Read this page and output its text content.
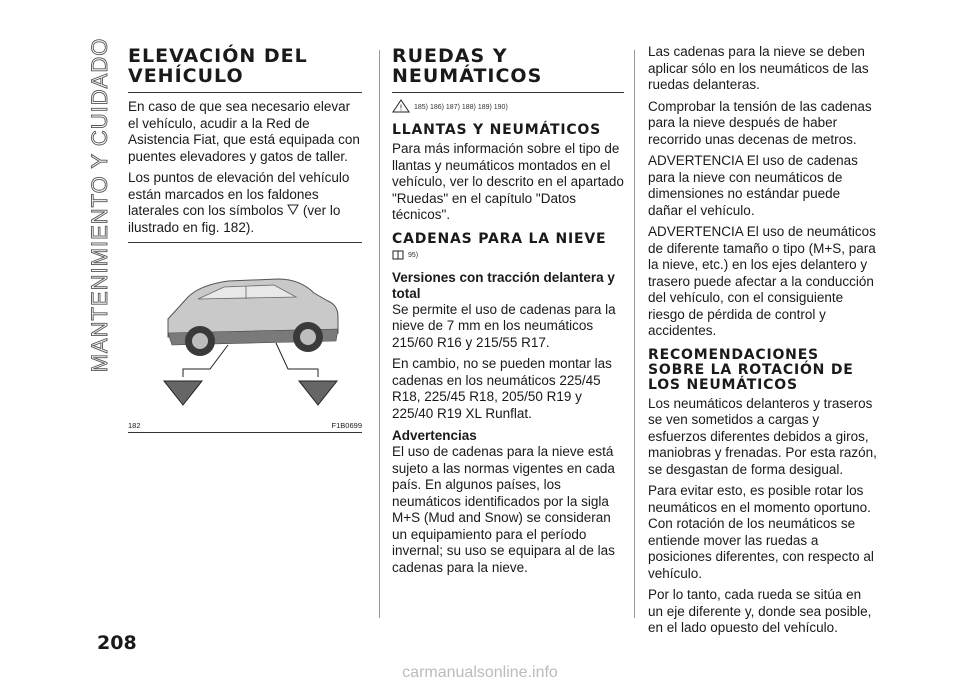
MANTENIMIENTO Y CUIDADO ELEVACIÓN DEL VEHÍCULO

En caso de que sea necesario elevar el vehículo, acudir a la Red de Asistencia Fiat, que está equipada con puentes elevadores y gatos de taller.

Los puntos de elevación del vehículo están marcados en los faldones laterales con los símbolos (ver lo ilustrado en fig. 182).

182	F1B0699
RUEDAS Y NEUMÁTICOS
! 185) 186) 187) 188) 189) 190)
LLANTAS Y NEUMÁTICOS

Para más información sobre el tipo de llantas y neumáticos montados en el vehículo, ver lo descrito en el apartado "Ruedas" en el capítulo "Datos técnicos".

CADENAS PARA LA NIEVE
95)
Versiones con tracción delantera y total

Se permite el uso de cadenas para la nieve de 7 mm en los neumáticos 215/60 R16 y 215/55 R17.

En cambio, no se pueden montar las cadenas en los neumáticos 225/45 R18, 225/45 R18, 205/50 R19 y 225/40 R19 XL Runflat.

Advertencias

El uso de cadenas para la nieve está sujeto a las normas vigentes en cada país. En algunos países, los neumáticos identificados por la sigla M+S (Mud and Snow) se consideran un equipamiento para el período invernal; su uso se equipara al de las cadenas para la nieve.

Las cadenas para la nieve se deben aplicar sólo en los neumáticos de las ruedas delanteras.

Comprobar la tensión de las cadenas para la nieve después de haber recorrido unas decenas de metros.

ADVERTENCIA El uso de cadenas para la nieve con neumáticos de dimensiones no estándar puede dañar el vehículo.

ADVERTENCIA El uso de neumáticos de diferente tamaño o tipo (M+S, para la nieve, etc.) en los ejes delantero y trasero puede afectar a la conducción del vehículo, con el consiguiente riesgo de pérdida de control y accidentes.

RECOMENDACIONES SOBRE LA ROTACIÓN DE LOS NEUMÁTICOS

Los neumáticos delanteros y traseros se ven sometidos a cargas y esfuerzos diferentes debidos a giros, maniobras y frenadas. Por esta razón, se desgastan de forma desigual.

Para evitar esto, es posible rotar los neumáticos en el momento oportuno. Con rotación de los neumáticos se entiende mover las ruedas a posiciones diferentes, con respecto al vehículo.

Por lo tanto, cada rueda se sitúa en un eje diferente y, donde sea posible, en el lado opuesto del vehículo.

208
carmanualsonline.info
